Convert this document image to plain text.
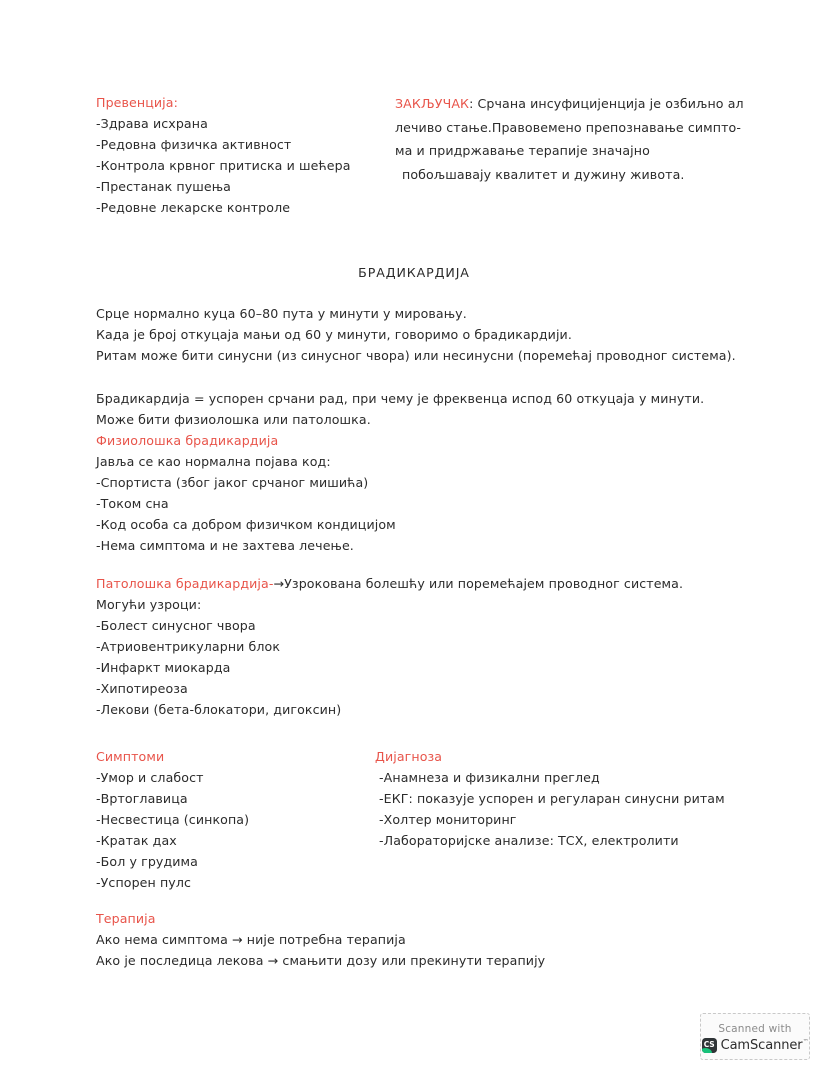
Превенција:
-Здрава исхрана
-Редовна физичка активност
-Контрола крвног притиска и шећера
-Престанак пушења
-Редовне лекарске контроле
ЗАКЉУЧАК: Срчана инсуфицијенција је озбиљно ал
лечиво стање.Правовемено препознавање симпто-
ма и придржавање терапије значајно
побољшавају квалитет и дужину живота.
БРАДИКАРДИЈА
Срце нормално куца 60–80 пута у минути у мировању.
Када је број откуцаја мањи од 60 у минути, говоримо о брадикардији.
Ритам може бити синусни (из синусног чвора) или несинусни (поремећај проводног система).
Брадикардија = успорен срчани рад, при чему је фреквенца испод 60 откуцаја у минути.
Може бити физиолошка или патолошка.
Физиолошка брадикардија
Јавља се као нормална појава код:
-Спортиста (због јаког срчаног мишића)
-Током сна
-Код особа са добром физичком кондицијом
-Нема симптома и не захтева лечење.
Патолошка брадикардија-→Узрокована болешћу или поремећајем проводног система.
Могући узроци:
-Болест синусног чвора
-Атриовентрикуларни блок
-Инфаркт миокарда
-Хипотиреоза
-Лекови (бета-блокатори, дигоксин)
Симптоми
-Умор и слабост
-Вртоглавица
-Несвестица (синкопа)
-Кратак дах
-Бол у грудима
-Успорен пулс
Дијагноза
-Анамнеза и физикални преглед
-ЕКГ: показује успорен и регуларан синусни ритам
-Холтер мониторинг
-Лабораторијске анализе: ТСХ, електролити
Терапија
Ако нема симптома → није потребна терапија
Ако је последица лекова → смањити дозу или прекинути терапију
Scanned with
CS CamScanner™
